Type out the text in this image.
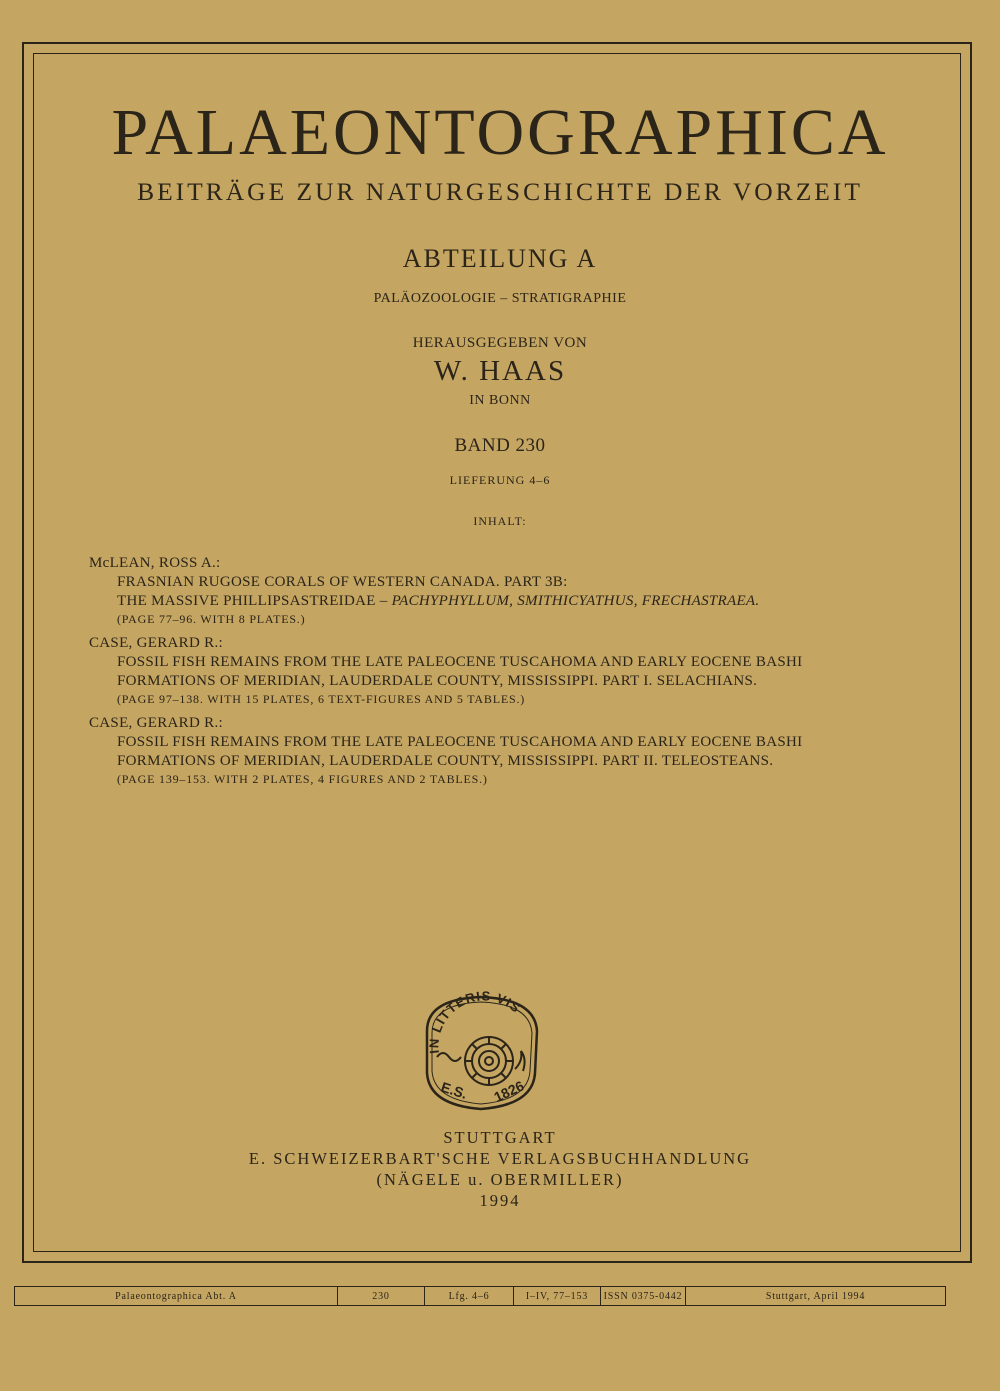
PALAEONTOGRAPHICA
BEITRÄGE ZUR NATURGESCHICHTE DER VORZEIT
ABTEILUNG A
PALÄOZOOLOGIE – STRATIGRAPHIE
HERAUSGEGEBEN VON
W. HAAS
IN BONN
BAND 230
LIEFERUNG 4–6
INHALT:
McLEAN, ROSS A.:
FRASNIAN RUGOSE CORALS OF WESTERN CANADA. PART 3B:
THE MASSIVE PHILLIPSASTREIDAE – PACHYPHYLLUM, SMITHICYATHUS, FRECHASTRAEA.
(PAGE 77–96. WITH 8 PLATES.)
CASE, GERARD R.:
FOSSIL FISH REMAINS FROM THE LATE PALEOCENE TUSCAHOMA AND EARLY EOCENE BASHI
FORMATIONS OF MERIDIAN, LAUDERDALE COUNTY, MISSISSIPPI. PART I. SELACHIANS.
(PAGE 97–138. WITH 15 PLATES, 6 TEXT-FIGURES AND 5 TABLES.)
CASE, GERARD R.:
FOSSIL FISH REMAINS FROM THE LATE PALEOCENE TUSCAHOMA AND EARLY EOCENE BASHI
FORMATIONS OF MERIDIAN, LAUDERDALE COUNTY, MISSISSIPPI. PART II. TELEOSTEANS.
(PAGE 139–153. WITH 2 PLATES, 4 FIGURES AND 2 TABLES.)
IN LITTERIS VIS
E.S. 1826
STUTTGART
E. SCHWEIZERBART'SCHE VERLAGSBUCHHANDLUNG
(NÄGELE u. OBERMILLER)
1994
Palaeontographica Abt. A	230	Lfg. 4–6	I–IV, 77–153	ISSN 0375-0442	Stuttgart, April 1994
